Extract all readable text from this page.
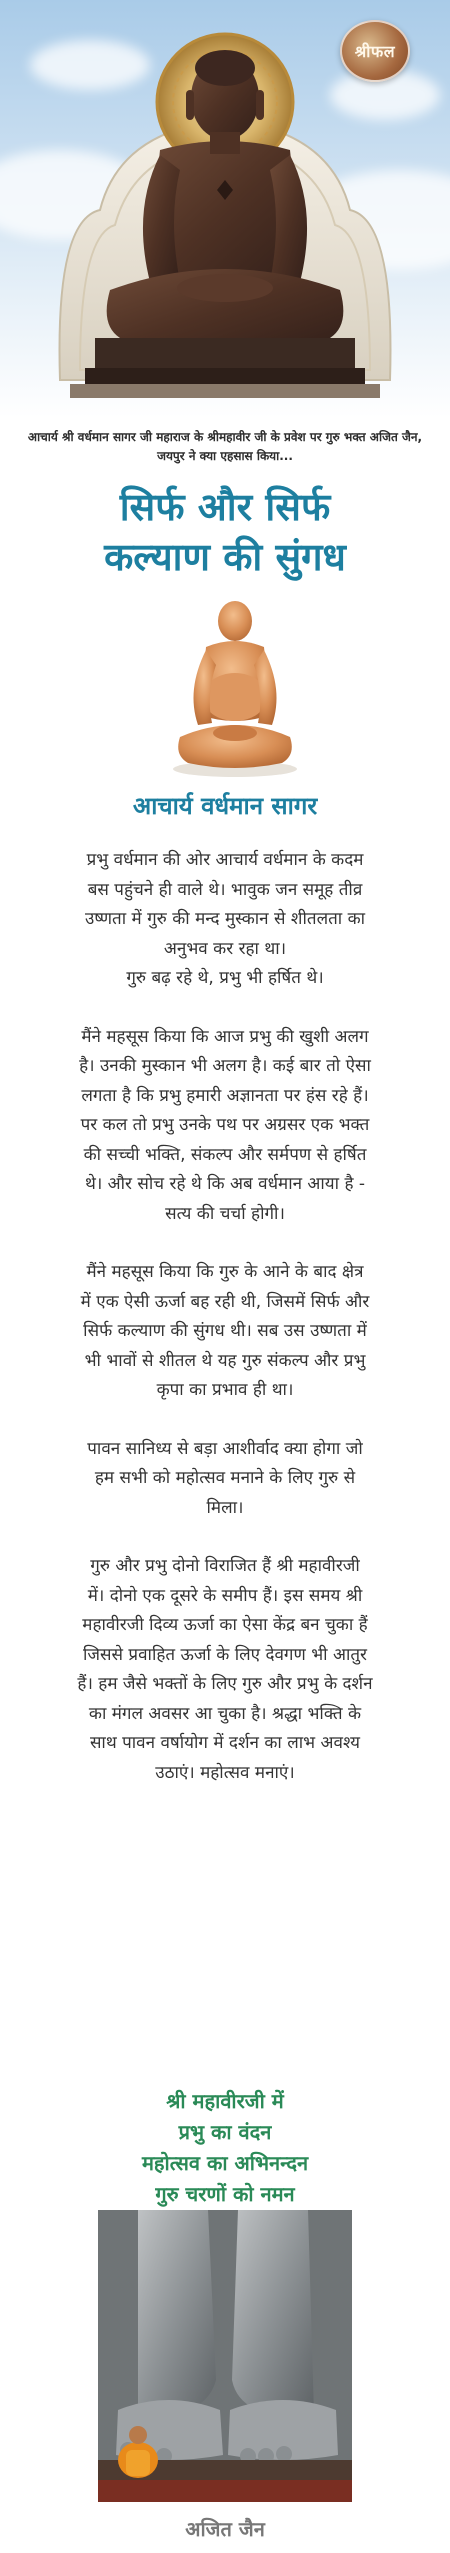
श्रीफल
आचार्य श्री वर्धमान सागर जी महाराज के श्रीमहावीर जी के प्रवेश पर गुरु भक्त अजित जैन, जयपुर ने क्या एहसास किया...
सिर्फ और सिर्फ
कल्याण की सुंगध
आचार्य वर्धमान सागर

प्रभु वर्धमान की ओर आचार्य वर्धमान के कदम
बस पहुंचने ही वाले थे। भावुक जन समूह तीव्र
उष्णता में गुरु की मन्द मुस्कान से शीतलता का
अनुभव कर रहा था।
गुरु बढ़ रहे थे, प्रभु भी हर्षित थे।

मैंने महसूस किया कि आज प्रभु की खुशी अलग
है। उनकी मुस्कान भी अलग है। कई बार तो ऐसा
लगता है कि प्रभु हमारी अज्ञानता पर हंस रहे हैं।
पर कल तो प्रभु उनके पथ पर अग्रसर एक भक्त
की सच्ची भक्ति, संकल्प और सर्मपण से हर्षित
थे। और सोच रहे थे कि अब वर्धमान आया है -
सत्य की चर्चा होगी।

मैंने महसूस किया कि गुरु के आने के बाद क्षेत्र
में एक ऐसी ऊर्जा बह रही थी, जिसमें सिर्फ और
सिर्फ कल्याण की सुंगध थी। सब उस उष्णता में
भी भावों से शीतल थे यह गुरु संकल्प और प्रभु
कृपा का प्रभाव ही था।

पावन सानिध्य से बड़ा आशीर्वाद क्या होगा जो
हम सभी को महोत्सव मनाने के लिए गुरु से
मिला।

गुरु और प्रभु दोनो विराजित हैं श्री महावीरजी
में। दोनो एक दूसरे के समीप हैं। इस समय श्री
महावीरजी दिव्य ऊर्जा का ऐसा केंद्र बन चुका हैं
जिससे प्रवाहित ऊर्जा के लिए देवगण भी आतुर
हैं। हम जैसे भक्तों के लिए गुरु और प्रभु के दर्शन
का मंगल अवसर आ चुका है। श्रद्धा भक्ति के
साथ पावन वर्षायोग में दर्शन का लाभ अवश्य
उठाएं। महोत्सव मनाएं।

श्री महावीरजी में
प्रभु का वंदन
महोत्सव का अभिनन्दन
गुरु चरणों को नमन
अजित जैन
